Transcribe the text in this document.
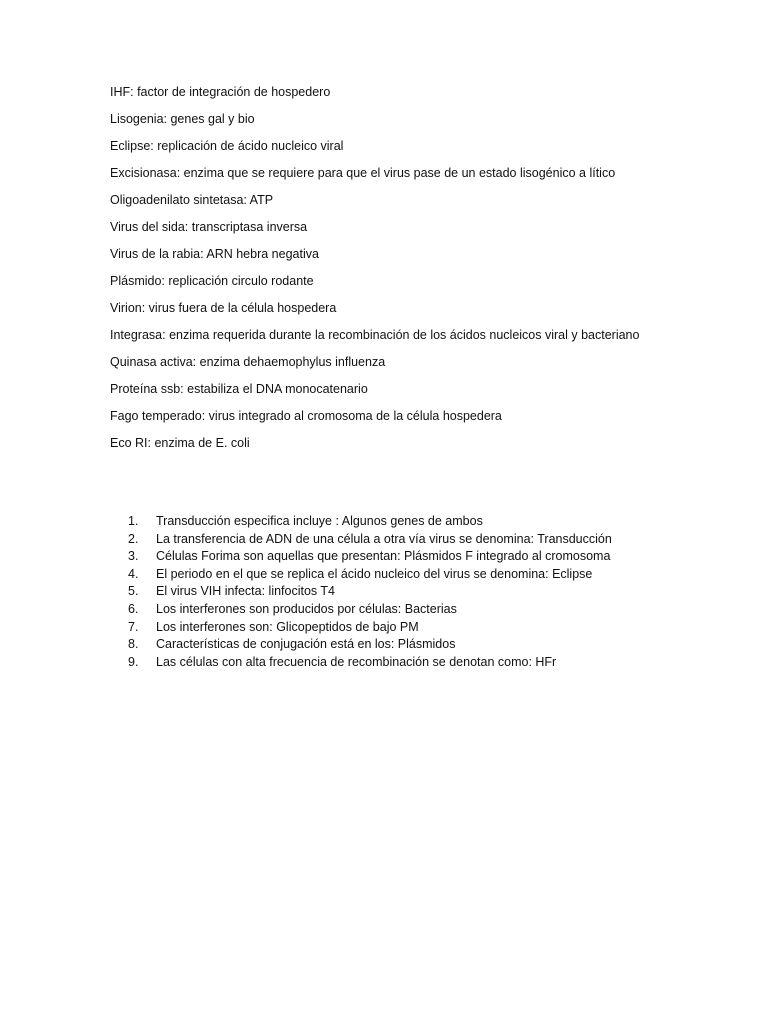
IHF: factor de integración de hospedero

Lisogenia: genes gal y bio

Eclipse: replicación de ácido nucleico viral

Excisionasa: enzima que se requiere para que el virus pase de un estado lisogénico a lítico

Oligoadenilato sintetasa: ATP

Virus del sida: transcriptasa inversa

Virus de la rabia: ARN hebra negativa

Plásmido: replicación circulo rodante

Virion: virus fuera de la célula hospedera

Integrasa: enzima requerida durante la recombinación de los ácidos nucleicos viral y bacteriano

Quinasa activa: enzima dehaemophylus influenza

Proteína ssb: estabiliza el DNA monocatenario

Fago temperado: virus integrado al cromosoma de la célula hospedera

Eco RI: enzima de E. coli

1.	Transducción especifica incluye : Algunos genes de ambos
2.	La transferencia de ADN de una célula a otra vía virus se denomina: Transducción
3.	Células Forima son aquellas que presentan: Plásmidos F integrado al cromosoma
4.	El periodo en el que se replica el ácido nucleico del virus se denomina: Eclipse
5.	El virus VIH infecta: linfocitos T4
6.	Los interferones son producidos por células: Bacterias
7.	Los interferones son: Glicopeptidos de bajo PM
8.	Características de conjugación está en los: Plásmidos
9.	Las células con alta frecuencia de recombinación se denotan como: HFr
